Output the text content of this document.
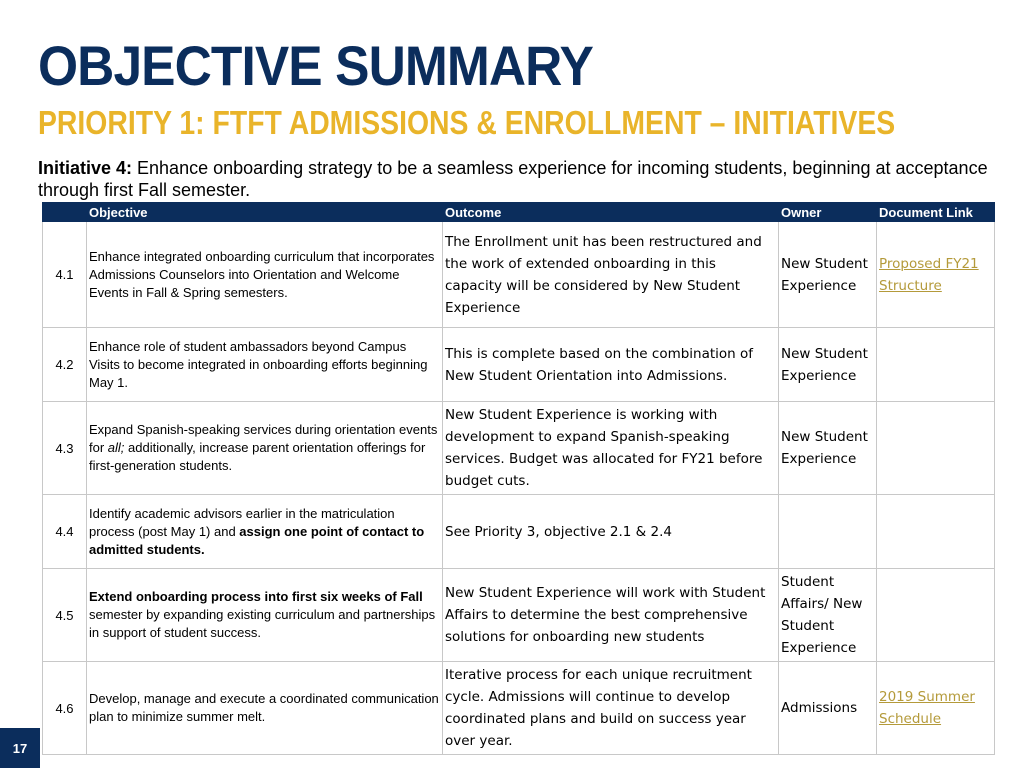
OBJECTIVE SUMMARY
PRIORITY 1: FTFT ADMISSIONS & ENROLLMENT – INITIATIVES
Initiative 4: Enhance onboarding strategy to be a seamless experience for incoming students, beginning at acceptance through first Fall semester.
	Objective	Outcome	Owner	Document Link
4.1	Enhance integrated onboarding curriculum that incorporates Admissions Counselors into Orientation and Welcome Events in Fall & Spring semesters.	The Enrollment unit has been restructured and the work of extended onboarding in this capacity will be considered by New Student Experience	New Student Experience	Proposed FY21 Structure
4.2	Enhance role of student ambassadors beyond Campus Visits to become integrated in onboarding efforts beginning May 1.	This is complete based on the combination of New Student Orientation into Admissions.	New Student Experience	
4.3	Expand Spanish-speaking services during orientation events for all; additionally, increase parent orientation offerings for first-generation students.	New Student Experience is working with development to expand Spanish-speaking services. Budget was allocated for FY21 before budget cuts.	New Student Experience	
4.4	Identify academic advisors earlier in the matriculation process (post May 1) and assign one point of contact to admitted students.	See Priority 3, objective 2.1 & 2.4		
4.5	Extend onboarding process into first six weeks of Fall semester by expanding existing curriculum and partnerships in support of student success.	New Student Experience will work with Student Affairs to determine the best comprehensive solutions for onboarding new students	Student Affairs/ New Student Experience	
4.6	Develop, manage and execute a coordinated communication plan to minimize summer melt.	Iterative process for each unique recruitment cycle. Admissions will continue to develop coordinated plans and build on success year over year.	Admissions	2019 Summer Schedule
17
